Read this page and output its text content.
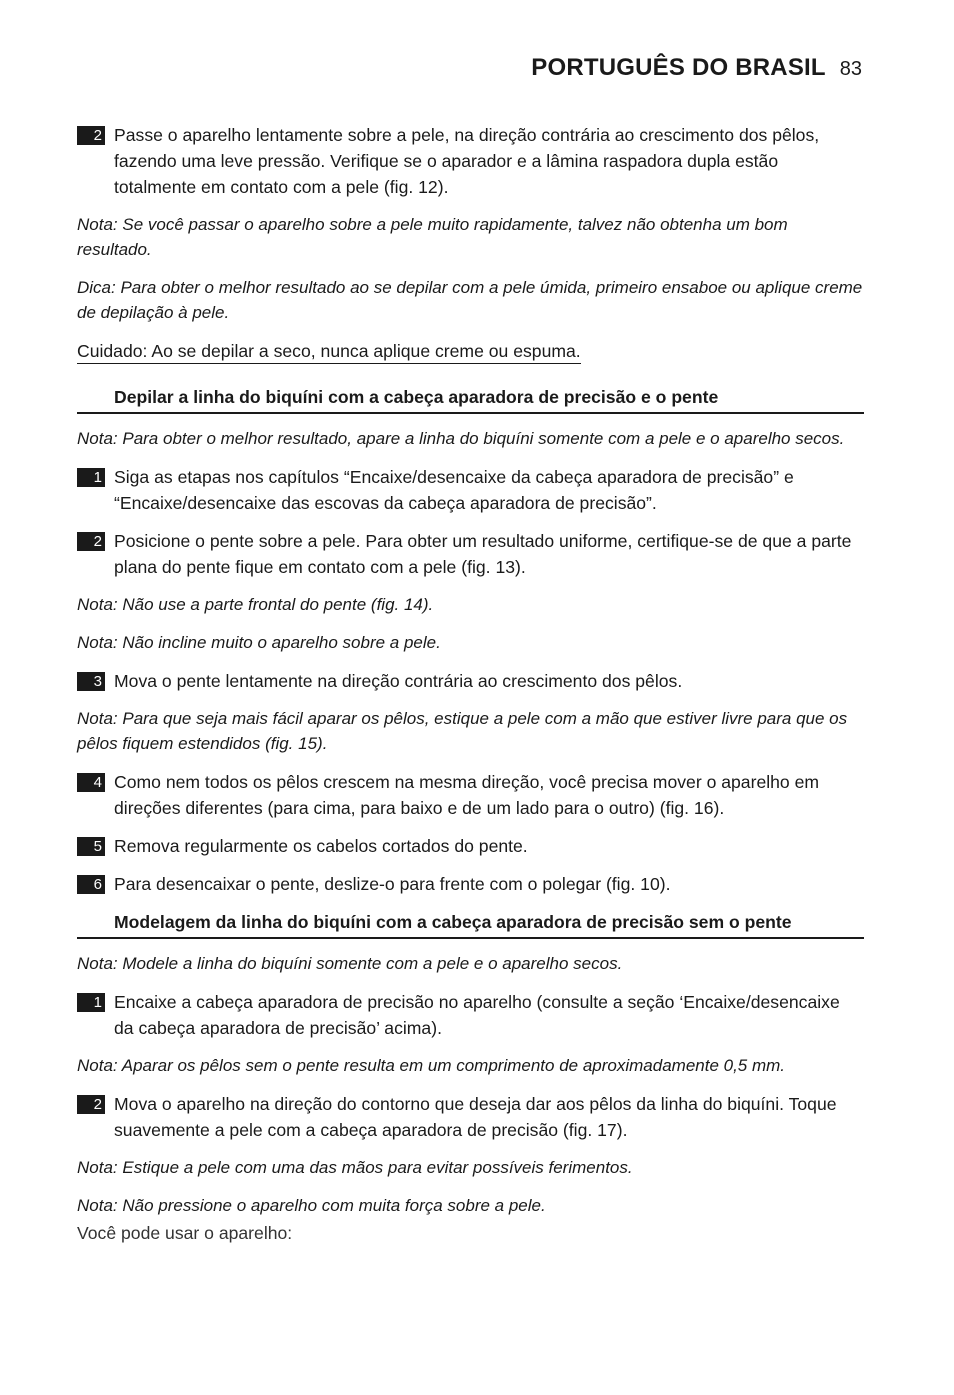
PORTUGUÊS DO BRASIL 83
2 Passe o aparelho lentamente sobre a pele, na direção contrária ao crescimento dos pêlos, fazendo uma leve pressão. Verifique se o aparador e a lâmina raspadora dupla estão totalmente em contato com a pele (fig. 12).
Nota: Se você passar o aparelho sobre a pele muito rapidamente, talvez não obtenha um bom resultado.
Dica: Para obter o melhor resultado ao se depilar com a pele úmida, primeiro ensaboe ou aplique creme de depilação à pele.
Cuidado: Ao se depilar a seco, nunca aplique creme ou espuma.
Depilar a linha do biquíni com a cabeça aparadora de precisão e o pente
Nota: Para obter o melhor resultado, apare a linha do biquíni somente com a pele e o aparelho secos.
1 Siga as etapas nos capítulos “Encaixe/desencaixe da cabeça aparadora de precisão” e “Encaixe/desencaixe das escovas da cabeça aparadora de precisão”.
2 Posicione o pente sobre a pele. Para obter um resultado uniforme, certifique-se de que a parte plana do pente fique em contato com a pele (fig. 13).
Nota: Não use a parte frontal do pente (fig. 14).
Nota: Não incline muito o aparelho sobre a pele.
3 Mova o pente lentamente na direção contrária ao crescimento dos pêlos.
Nota: Para que seja mais fácil aparar os pêlos, estique a pele com a mão que estiver livre para que os pêlos fiquem estendidos (fig. 15).
4 Como nem todos os pêlos crescem na mesma direção, você precisa mover o aparelho em direções diferentes (para cima, para baixo e de um lado para o outro) (fig. 16).
5 Remova regularmente os cabelos cortados do pente.
6 Para desencaixar o pente, deslize-o para frente com o polegar (fig. 10).
Modelagem da linha do biquíni com a cabeça aparadora de precisão sem o pente
Nota: Modele a linha do biquíni somente com a pele e o aparelho secos.
1 Encaixe a cabeça aparadora de precisão no aparelho (consulte a seção ‘Encaixe/desencaixe da cabeça aparadora de precisão’ acima).
Nota: Aparar os pêlos sem o pente resulta em um comprimento de aproximadamente 0,5 mm.
2 Mova o aparelho na direção do contorno que deseja dar aos pêlos da linha do biquíni. Toque suavemente a pele com a cabeça aparadora de precisão (fig. 17).
Nota: Estique a pele com uma das mãos para evitar possíveis ferimentos.
Nota: Não pressione o aparelho com muita força sobre a pele.
Você pode usar o aparelho:
